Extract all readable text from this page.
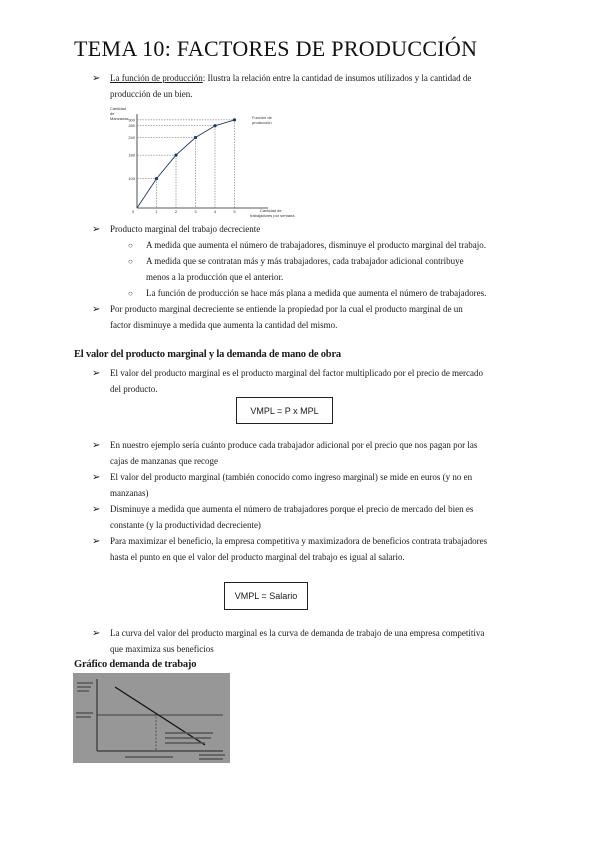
TEMA 10: FACTORES DE PRODUCCIÓN
➢ La función de producción: Ilustra la relación entre la cantidad de insumos utilizados y la cantidad de
producción de un bien.

Cantidad
de
Manzanas	Función de
producción
Cantidad de
trabajadores por semana
0
100
180
240
280
300
1	2	3	4	5
➢ Producto marginal del trabajo decreciente

○ A medida que aumenta el número de trabajadores, disminuye el producto marginal del trabajo.

○ A medida que se contratan más y más trabajadores, cada trabajador adicional contribuye
menos a la producción que el anterior.

○ La función de producción se hace más plana a medida que aumenta el número de trabajadores.

➢ Por producto marginal decreciente se entiende la propiedad por la cual el producto marginal de un
factor disminuye a medida que aumenta la cantidad del mismo.

El valor del producto marginal y la demanda de mano de obra

➢ El valor del producto marginal es el producto marginal del factor multiplicado por el precio de mercado
del producto.

VMPL = P x MPL
➢ En nuestro ejemplo sería cuánto produce cada trabajador adicional por el precio que nos pagan por las
cajas de manzanas que recoge

➢ El valor del producto marginal (también conocido como ingreso marginal) se mide en euros (y no en
manzanas)

➢ Disminuye a medida que aumenta el número de trabajadores porque el precio de mercado del bien es
constante (y la productividad decreciente)

➢ Para maximizar el beneficio, la empresa competitiva y maximizadora de beneficios contrata trabajadores
hasta el punto en que el valor del producto marginal del trabajo es igual al salario.

VMPL = Salario
➢ La curva del valor del producto marginal es la curva de demanda de trabajo de una empresa competitiva
que maximiza sus beneficios

Gráfico demanda de trabajo
